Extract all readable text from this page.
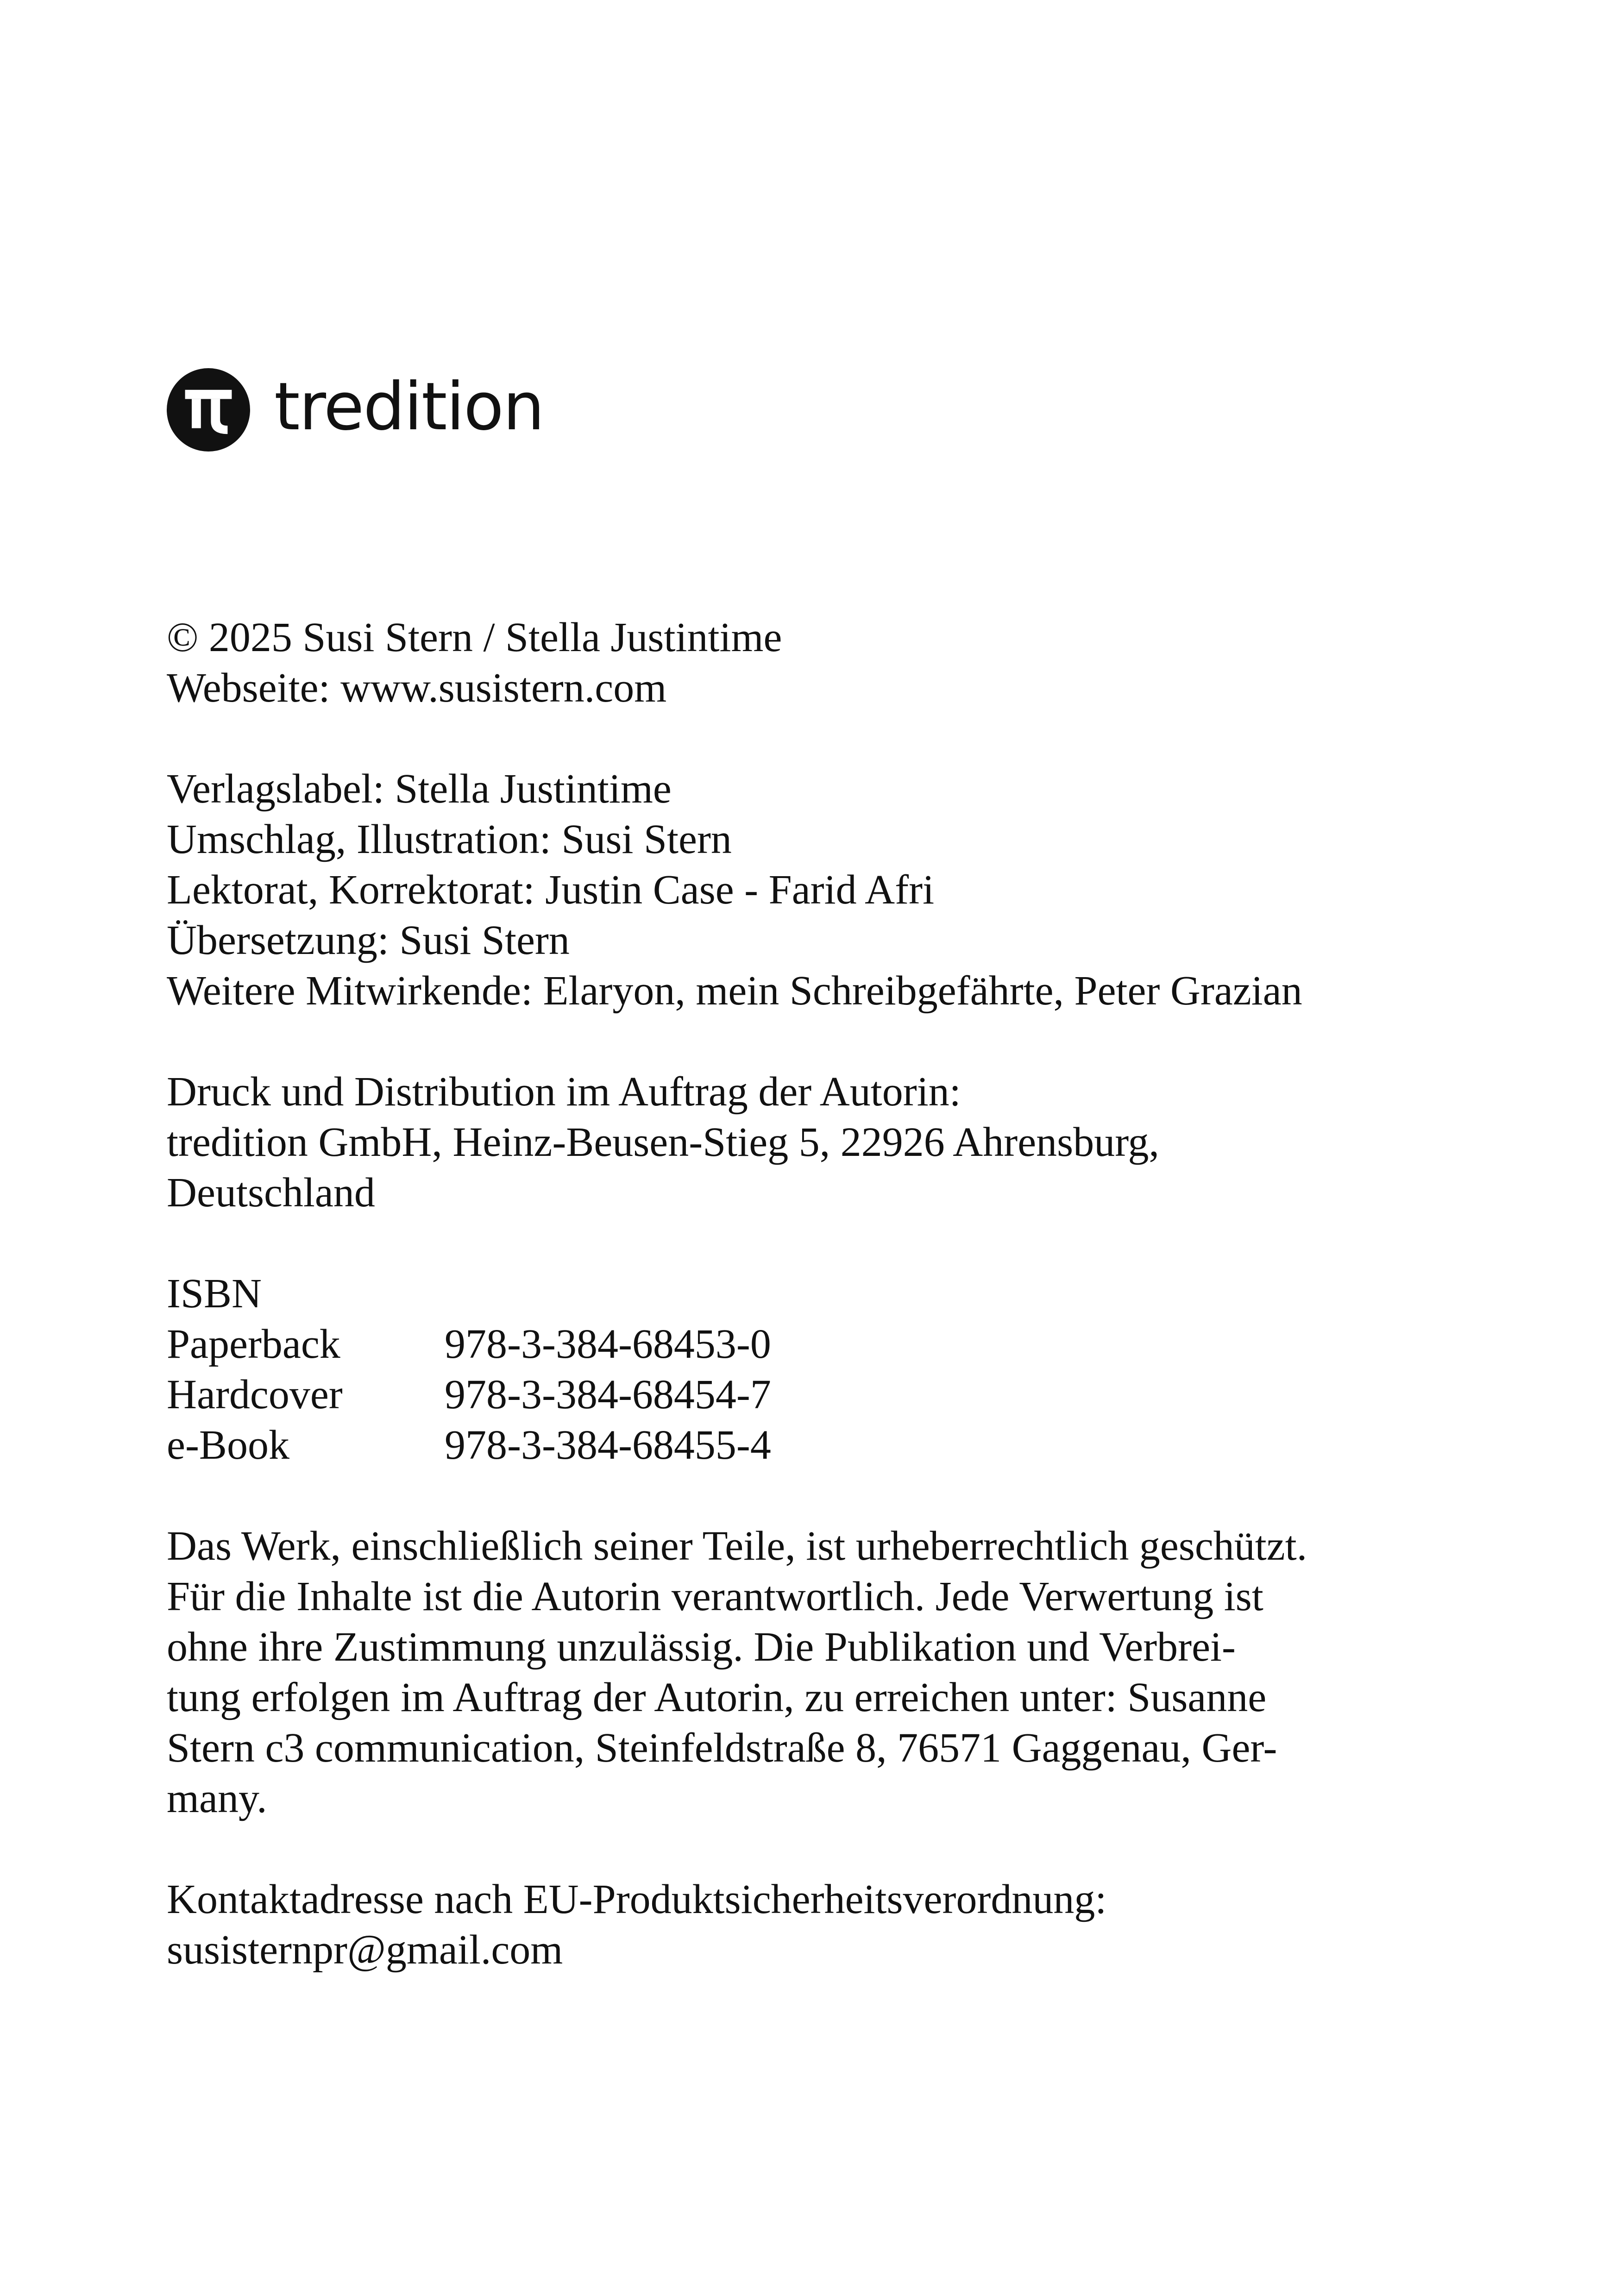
tredition
© 2025 Susi Stern / Stella Justintime
Webseite: www.susistern.com
Verlagslabel: Stella Justintime
Umschlag, Illustration: Susi Stern
Lektorat, Korrektorat: Justin Case - Farid Afri
Übersetzung: Susi Stern
Weitere Mitwirkende: Elaryon, mein Schreibgefährte, Peter Grazian
Druck und Distribution im Auftrag der Autorin:
tredition GmbH, Heinz-Beusen-Stieg 5, 22926 Ahrensburg,
Deutschland
ISBN
Paperback	978-3-384-68453-0
Hardcover	978-3-384-68454-7
e-Book	978-3-384-68455-4
Das Werk, einschließlich seiner Teile, ist urheberrechtlich geschützt.
Für die Inhalte ist die Autorin verantwortlich. Jede Verwertung ist
ohne ihre Zustimmung unzulässig. Die Publikation und Verbrei-
tung erfolgen im Auftrag der Autorin, zu erreichen unter: Susanne
Stern c3 communication, Steinfeldstraße 8, 76571 Gaggenau, Ger-
many.
Kontaktadresse nach EU-Produktsicherheitsverordnung:
susisternpr@gmail.com
